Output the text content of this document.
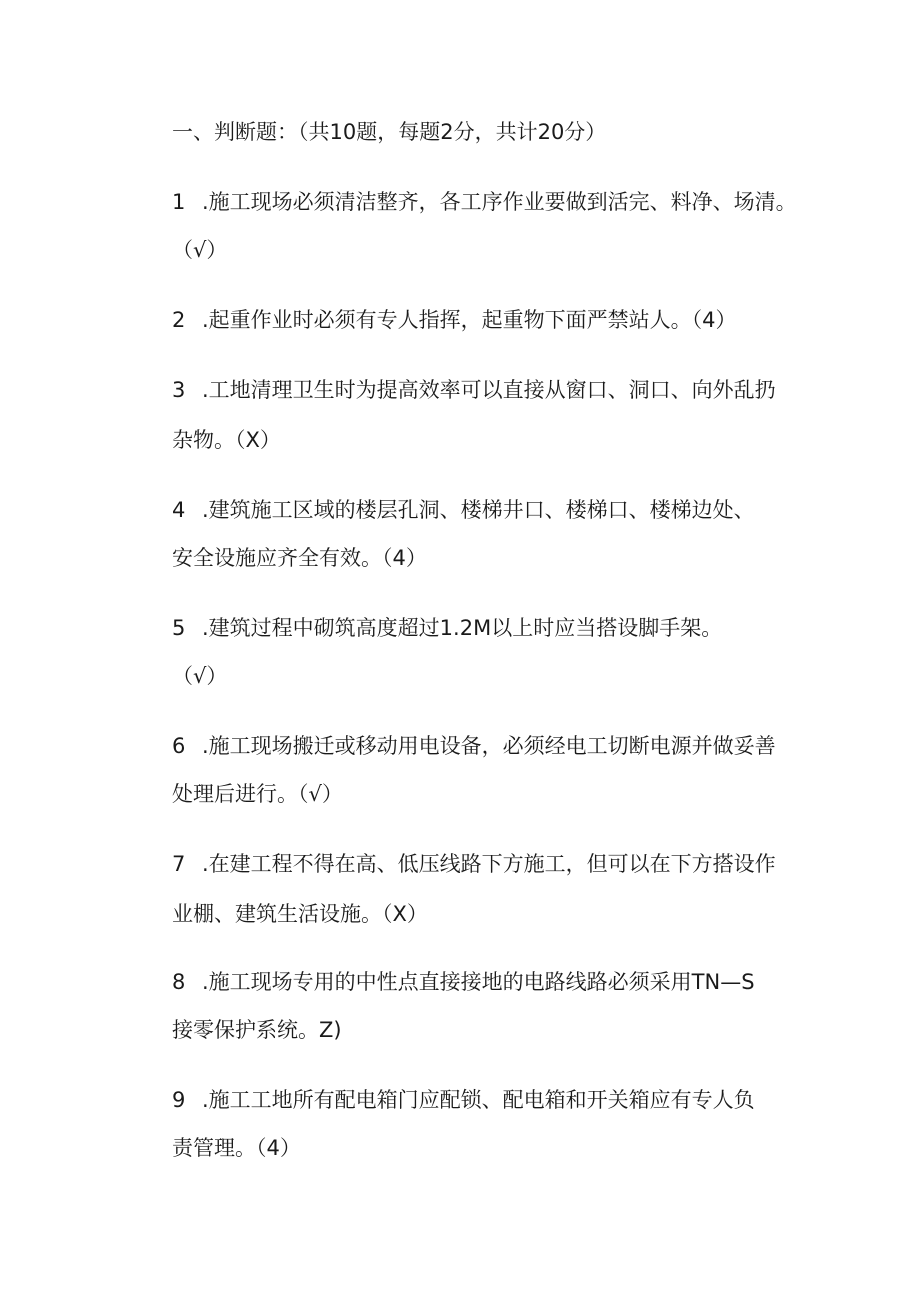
一、判断题：（共10题，每题2分，共计20分）
1 .施工现场必须清洁整齐，各工序作业要做到活完、料净、场清。
（√）
2 .起重作业时必须有专人指挥，起重物下面严禁站人。（4）
3 .工地清理卫生时为提高效率可以直接从窗口、洞口、向外乱扔
杂物。（X）
4 .建筑施工区域的楼层孔洞、楼梯井口、楼梯口、楼梯边处、
安全设施应齐全有效。（4）
5 .建筑过程中砌筑高度超过1.2M以上时应当搭设脚手架。
（√）
6 .施工现场搬迁或移动用电设备，必须经电工切断电源并做妥善
处理后进行。（√）
7 .在建工程不得在高、低压线路下方施工，但可以在下方搭设作
业棚、建筑生活设施。（X）
8 .施工现场专用的中性点直接接地的电路线路必须采用TN—S
接零保护系统。Z)
9 .施工工地所有配电箱门应配锁、配电箱和开关箱应有专人负
责管理。（4）
